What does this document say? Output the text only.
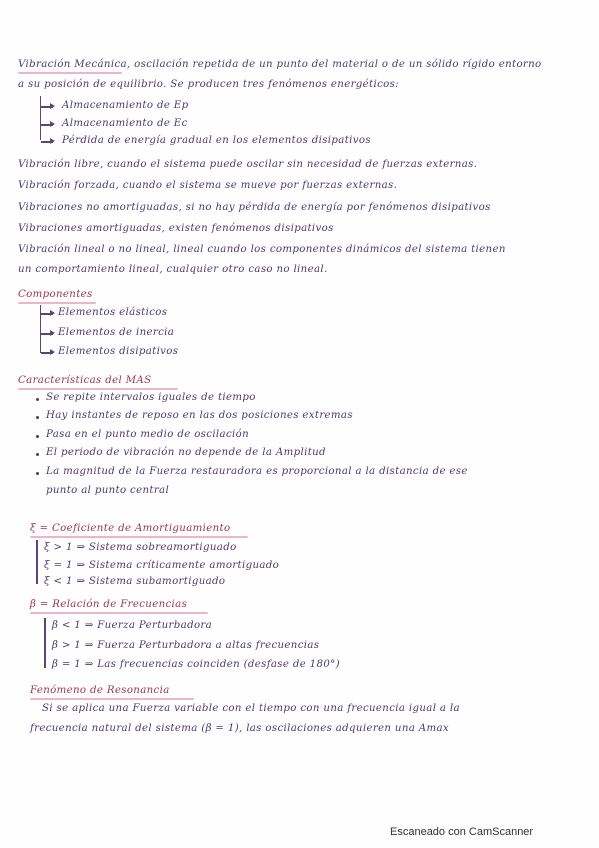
Vibración Mecánica, oscilación repetida de un punto del material o de un sólido rígido entorno
a su posición de equilibrio. Se producen tres fenómenos energéticos:
Almacenamiento de Ep
Almacenamiento de Ec
Pérdida de energía gradual en los elementos disipativos
Vibración libre, cuando el sistema puede oscilar sin necesidad de fuerzas externas.
Vibración forzada, cuando el sistema se mueve por fuerzas externas.
Vibraciones no amortiguadas, si no hay pérdida de energía por fenómenos disipativos
Vibraciones amortiguadas, existen fenómenos disipativos
Vibración lineal o no lineal, lineal cuando los componentes dinámicos del sistema tienen
un comportamiento lineal, cualquier otro caso no lineal.
Componentes
Elementos elásticos
Elementos de inercia
Elementos disipativos
Características del MAS
Se repite intervalos iguales de tiempo
Hay instantes de reposo en las dos posiciones extremas
Pasa en el punto medio de oscilación
El periodo de vibración no depende de la Amplitud
La magnitud de la Fuerza restauradora es proporcional a la distancia de ese
punto al punto central
ξ = Coeficiente de Amortiguamiento
ξ > 1 ⇒ Sistema sobreamortiguado
ξ = 1 ⇒ Sistema críticamente amortiguado
ξ < 1 ⇒ Sistema subamortiguado
β = Relación de Frecuencias
β < 1 ⇒ Fuerza Perturbadora
β > 1 ⇒ Fuerza Perturbadora a altas frecuencias
β = 1 ⇒ Las frecuencias coinciden (desfase de 180°)
Fenómeno de Resonancia
Si se aplica una Fuerza variable con el tiempo con una frecuencia igual a la
frecuencia natural del sistema (β = 1), las oscilaciones adquieren una Amax
Escaneado con CamScanner
